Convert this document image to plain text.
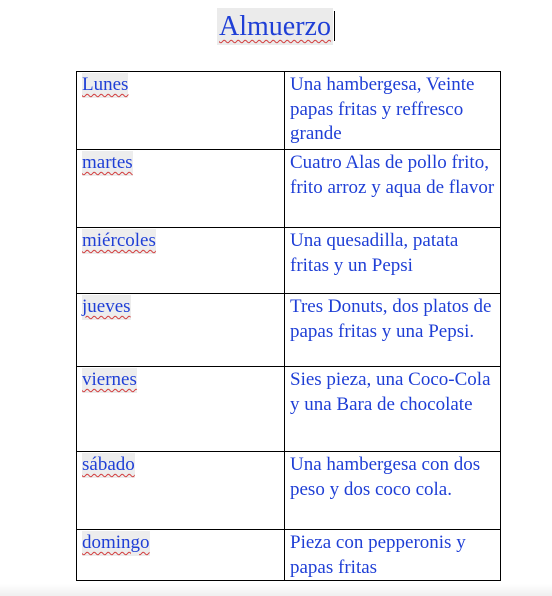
Almuerzo
Lunes	Una hambergesa, Veinte papas fritas y reffresco grande
martes	Cuatro Alas de pollo frito, frito arroz y aqua de flavor
miércoles	Una quesadilla, patata fritas y un Pepsi
jueves	Tres Donuts, dos platos de papas fritas y una Pepsi.
viernes	Sies pieza, una Coco-Cola y una Bara de chocolate
sábado	Una hambergesa con dos peso y dos coco cola.
domingo	Pieza con pepperonis y papas fritas
